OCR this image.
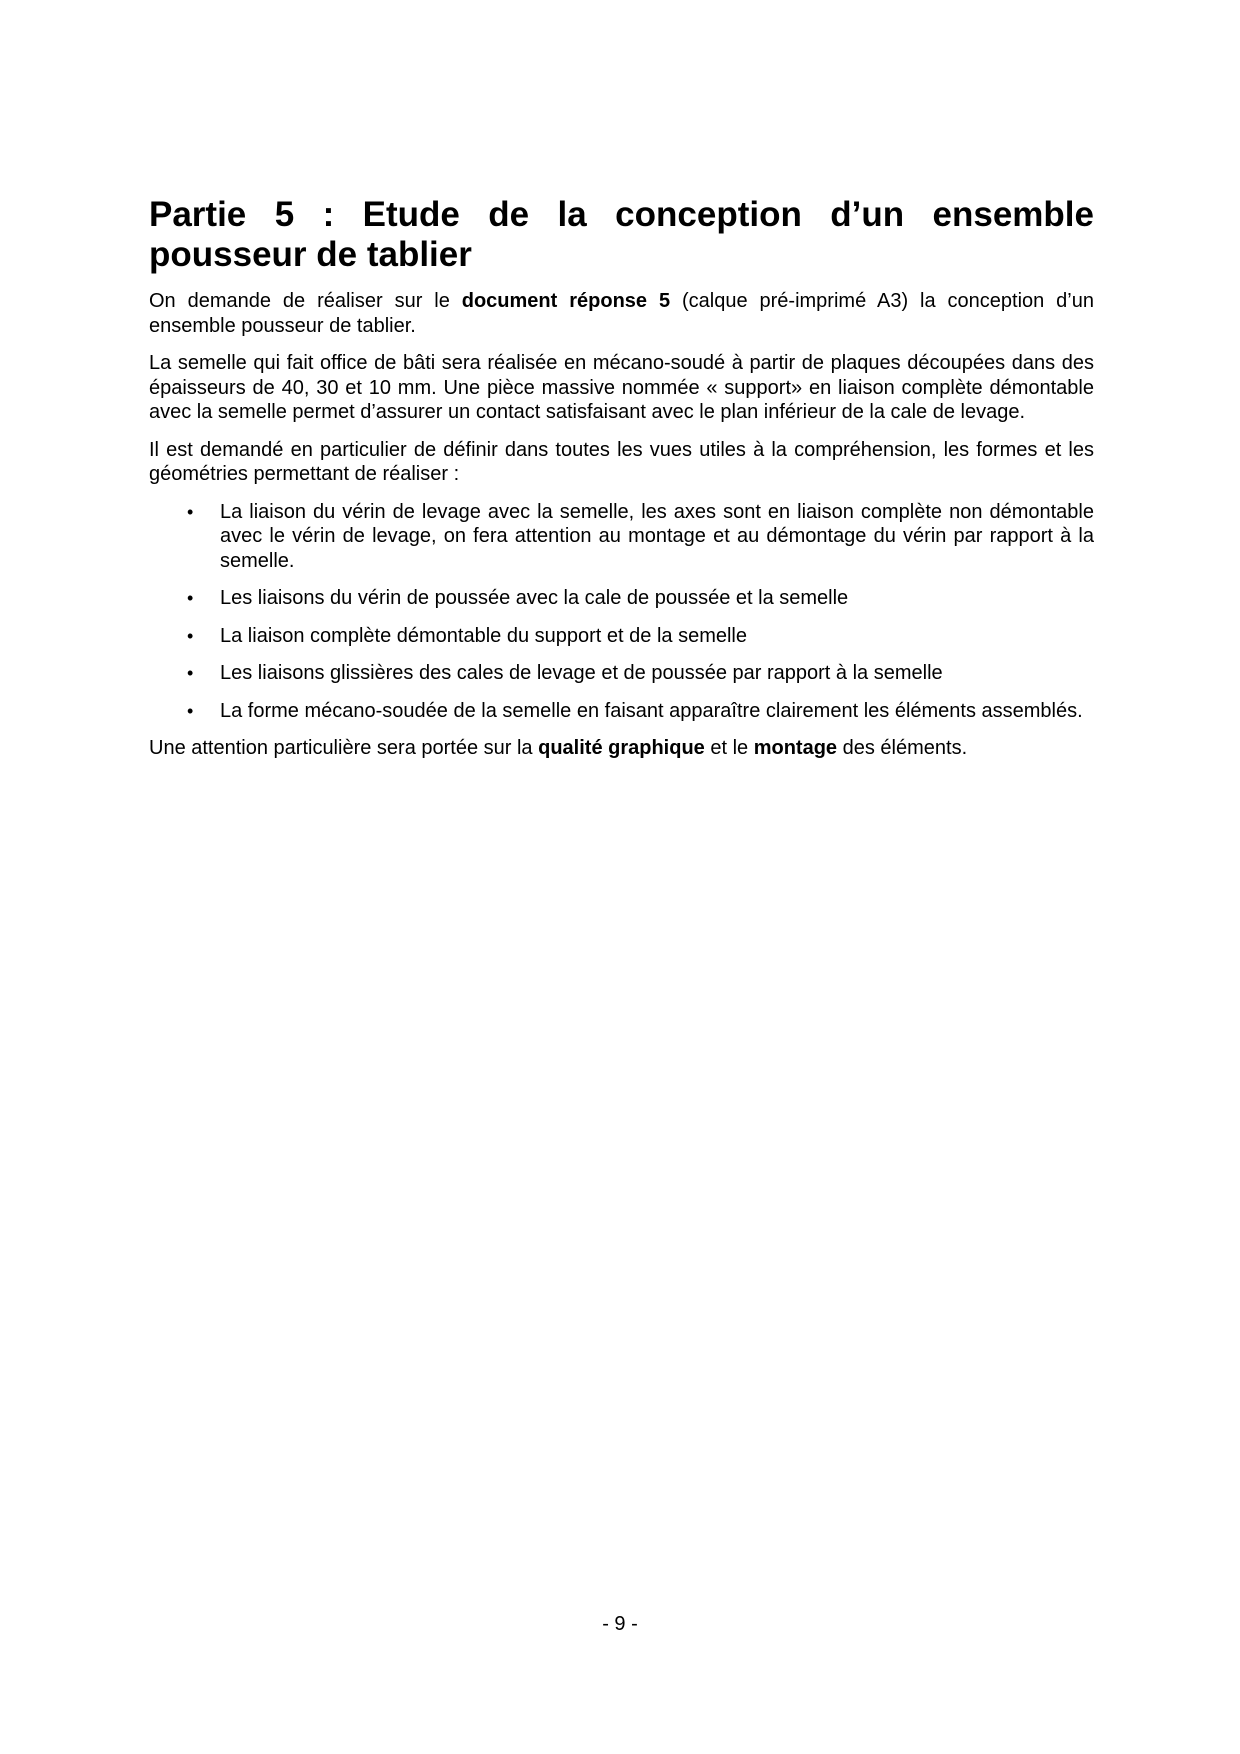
Partie 5 : Etude de la conception d’un ensemble pousseur de tablier

On demande de réaliser sur le document réponse 5 (calque pré-imprimé A3) la conception d’un ensemble pousseur de tablier.

La semelle qui fait office de bâti sera réalisée en mécano-soudé à partir de plaques découpées dans des épaisseurs de 40, 30 et 10 mm. Une pièce massive nommée « support» en liaison complète démontable avec la semelle permet d’assurer un contact satisfaisant avec le plan inférieur de la cale de levage.

Il est demandé en particulier de définir dans toutes les vues utiles à la compréhension, les formes et les géométries permettant de réaliser :

• La liaison du vérin de levage avec la semelle, les axes sont en liaison complète non démontable avec le vérin de levage, on fera attention au montage et au démontage du vérin par rapport à la semelle.
• Les liaisons du vérin de poussée avec la cale de poussée et la semelle
• La liaison complète démontable du support et de la semelle
• Les liaisons glissières des cales de levage et de poussée par rapport à la semelle
• La forme mécano-soudée de la semelle en faisant apparaître clairement les éléments assemblés.

Une attention particulière sera portée sur la qualité graphique et le montage des éléments.

- 9 -
